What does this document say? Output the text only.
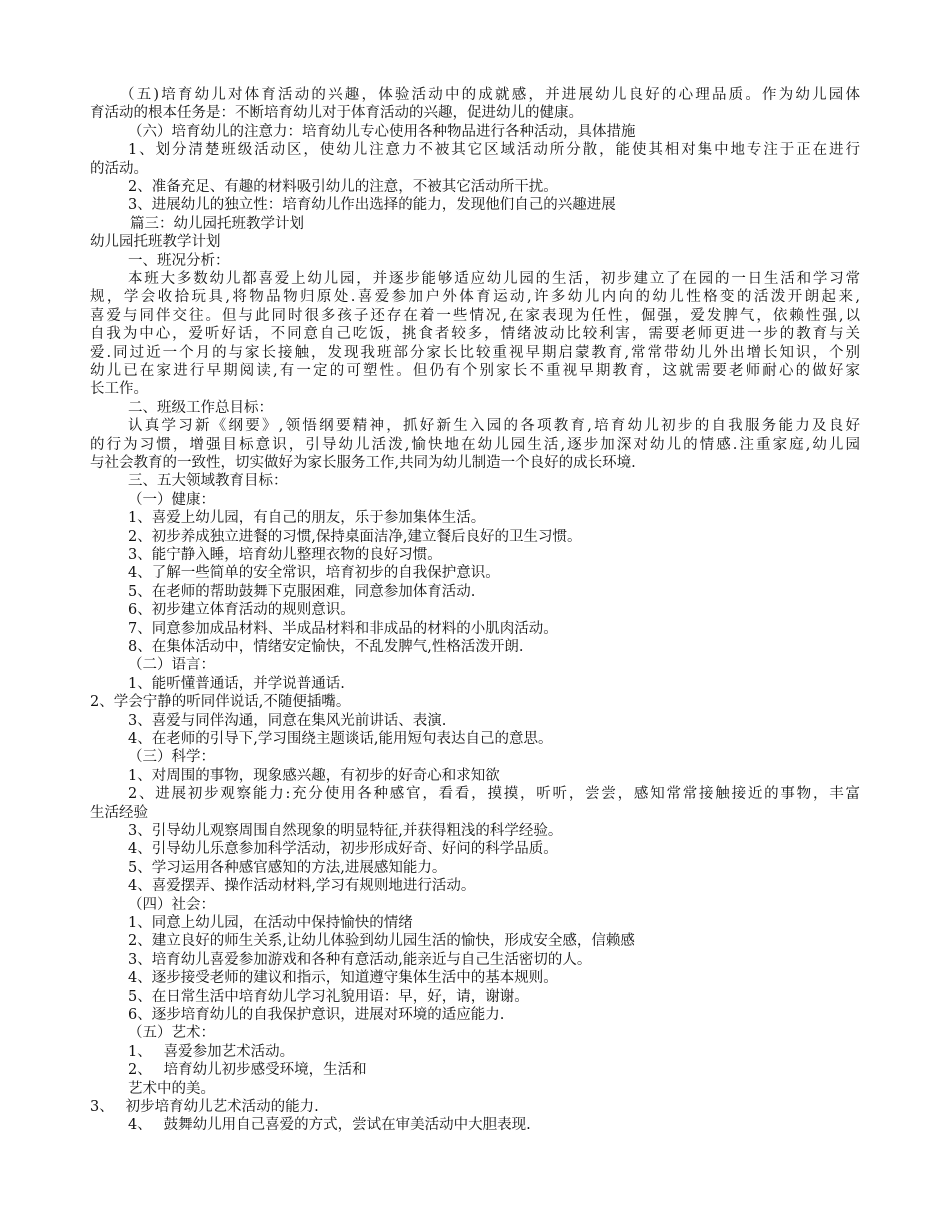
（五)培育幼儿对体育活动的兴趣，体验活动中的成就感，并进展幼儿良好的心理品质。作为幼儿园体
育活动的根本任务是：不断培育幼儿对于体育活动的兴趣，促进幼儿的健康。
（六）培育幼儿的注意力：培育幼儿专心使用各种物品进行各种活动，具体措施
1、划分清楚班级活动区，使幼儿注意力不被其它区域活动所分散，能使其相对集中地专注于正在进行
的活动。
2、准备充足、有趣的材料吸引幼儿的注意，不被其它活动所干扰。
3、进展幼儿的独立性：培育幼儿作出选择的能力，发现他们自己的兴趣进展
篇三：幼儿园托班教学计划
幼儿园托班教学计划
一、班况分析：
本班大多数幼儿都喜爱上幼儿园，并逐步能够适应幼儿园的生活，初步建立了在园的一日生活和学习常
规，学会收拾玩具,将物品物归原处.喜爱参加户外体育运动,许多幼儿内向的幼儿性格变的活泼开朗起来,
喜爱与同伴交往。但与此同时很多孩子还存在着一些情况,在家表现为任性，倔强，爱发脾气，依赖性强,以
自我为中心，爱听好话，不同意自己吃饭，挑食者较多，情绪波动比较利害，需要老师更进一步的教育与关
爱.同过近一个月的与家长接触，发现我班部分家长比较重视早期启蒙教育,常常带幼儿外出增长知识，个别
幼儿已在家进行早期阅读,有一定的可塑性。但仍有个别家长不重视早期教育，这就需要老师耐心的做好家
长工作。
二、班级工作总目标：
认真学习新《纲要》,领悟纲要精神，抓好新生入园的各项教育,培育幼儿初步的自我服务能力及良好
的行为习惯，增强目标意识，引导幼儿活泼,愉快地在幼儿园生活,逐步加深对幼儿的情感.注重家庭,幼儿园
与社会教育的一致性，切实做好为家长服务工作,共同为幼儿制造一个良好的成长环境.
三、五大领域教育目标：
（一）健康：
1、喜爱上幼儿园，有自己的朋友，乐于参加集体生活。
2、初步养成独立进餐的习惯,保持桌面洁净,建立餐后良好的卫生习惯。
3、能宁静入睡，培育幼儿整理衣物的良好习惯。
4、了解一些简单的安全常识，培育初步的自我保护意识。
5、在老师的帮助鼓舞下克服困难，同意参加体育活动.
6、初步建立体育活动的规则意识。
7、同意参加成品材料、半成品材料和非成品的材料的小肌肉活动。
8、在集体活动中，情绪安定愉快，不乱发脾气,性格活泼开朗.
（二）语言：
1、能听懂普通话，并学说普通话.
2、学会宁静的听同伴说话,不随便插嘴。
3、喜爱与同伴沟通，同意在集风光前讲话、表演.
4、在老师的引导下,学习围绕主题谈话,能用短句表达自己的意思。
（三）科学：
1、对周围的事物，现象感兴趣，有初步的好奇心和求知欲
2、进展初步观察能力:充分使用各种感官，看看，摸摸，听听，尝尝，感知常常接触接近的事物，丰富
生活经验
3、引导幼儿观察周围自然现象的明显特征,并获得粗浅的科学经验。
4、引导幼儿乐意参加科学活动，初步形成好奇、好问的科学品质。
5、学习运用各种感官感知的方法,进展感知能力。
4、喜爱摆弄、操作活动材料,学习有规则地进行活动。
（四）社会：
1、同意上幼儿园，在活动中保持愉快的情绪
2、建立良好的师生关系,让幼儿体验到幼儿园生活的愉快，形成安全感，信赖感
3、培育幼儿喜爱参加游戏和各种有意活动,能亲近与自己生活密切的人。
4、逐步接受老师的建议和指示，知道遵守集体生活中的基本规则。
5、在日常生活中培育幼儿学习礼貌用语：早，好，请，谢谢。
6、逐步培育幼儿的自我保护意识，进展对环境的适应能力.
（五）艺术：
1、　 喜爱参加艺术活动。
2、　 培育幼儿初步感受环境，生活和
艺术中的美。
3、　 初步培育幼儿艺术活动的能力.
4、　 鼓舞幼儿用自己喜爱的方式，尝试在审美活动中大胆表现.
